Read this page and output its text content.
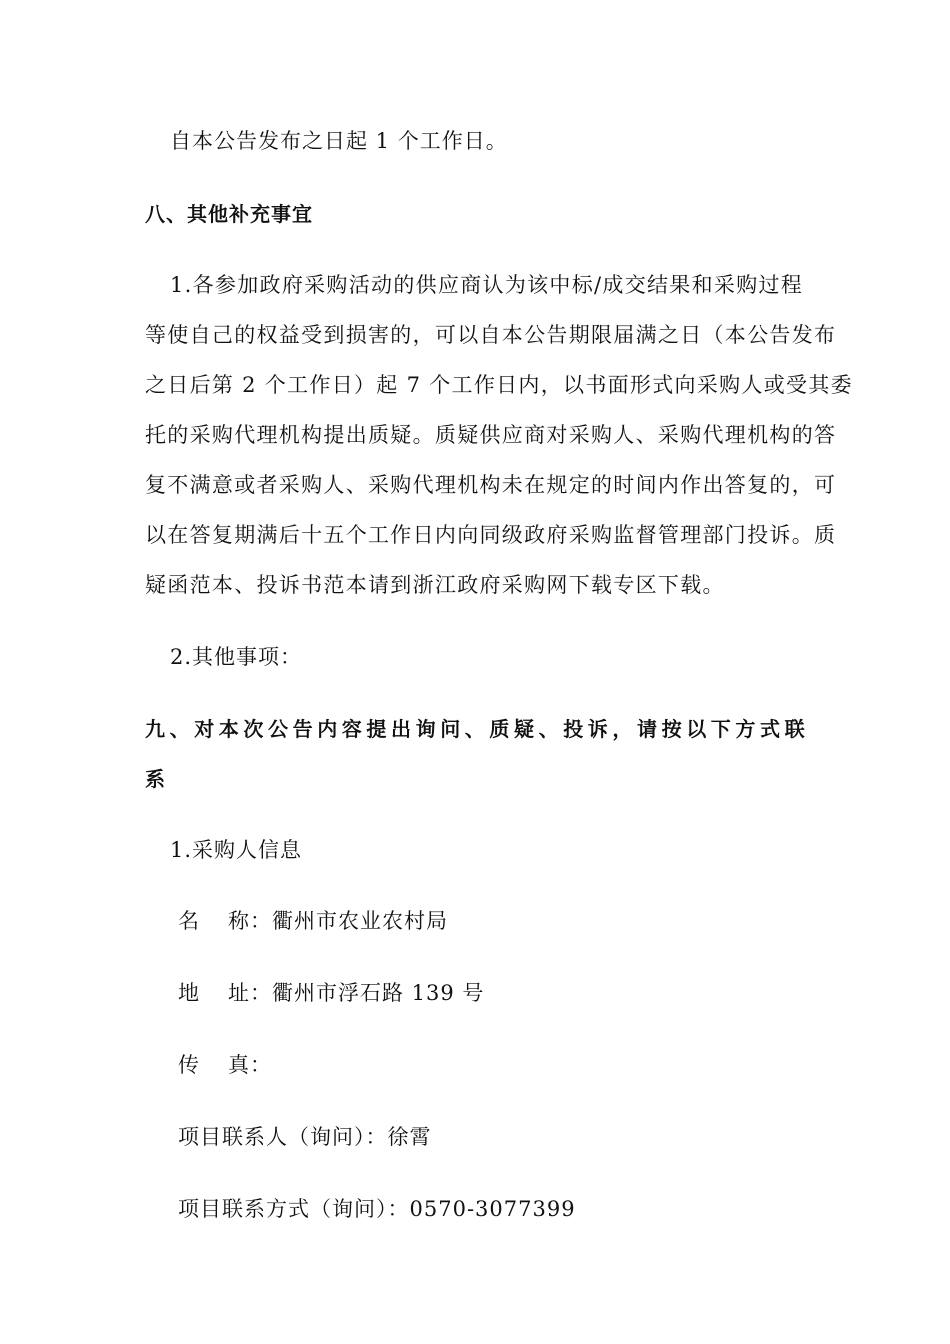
自本公告发布之日起 1 个工作日。
八、其他补充事宜
1.各参加政府采购活动的供应商认为该中标/成交结果和采购过程
等使自己的权益受到损害的，可以自本公告期限届满之日（本公告发布
之日后第 2 个工作日）起 7 个工作日内，以书面形式向采购人或受其委
托的采购代理机构提出质疑。质疑供应商对采购人、采购代理机构的答
复不满意或者采购人、采购代理机构未在规定的时间内作出答复的，可
以在答复期满后十五个工作日内向同级政府采购监督管理部门投诉。质
疑函范本、投诉书范本请到浙江政府采购网下载专区下载。
2.其他事项：
九、对本次公告内容提出询问、质疑、投诉，请按以下方式联
系
1.采购人信息
名 称：衢州市农业农村局
地 址：衢州市浮石路 139 号
传 真：
项目联系人（询问）：徐霄
项目联系方式（询问）：0570-3077399
